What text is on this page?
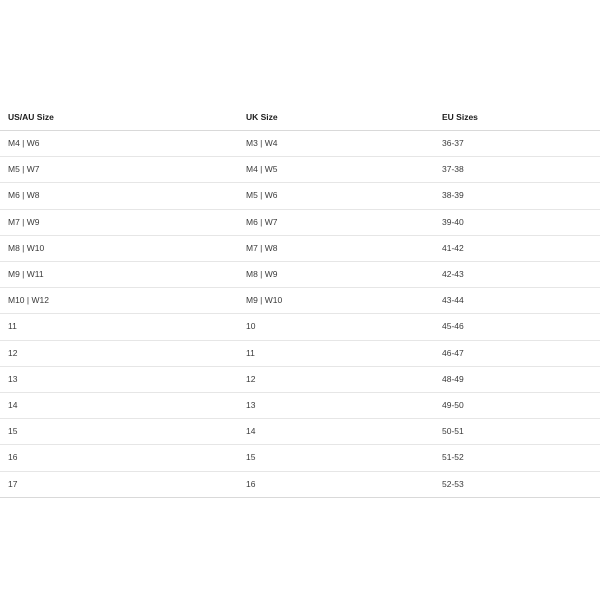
US/AU Size	UK Size	EU Sizes
M4 | W6	M3 | W4	36-37
M5 | W7	M4 | W5	37-38
M6 | W8	M5 | W6	38-39
M7 | W9	M6 | W7	39-40
M8 | W10	M7 | W8	41-42
M9 | W11	M8 | W9	42-43
M10 | W12	M9 | W10	43-44
11	10	45-46
12	11	46-47
13	12	48-49
14	13	49-50
15	14	50-51
16	15	51-52
17	16	52-53
